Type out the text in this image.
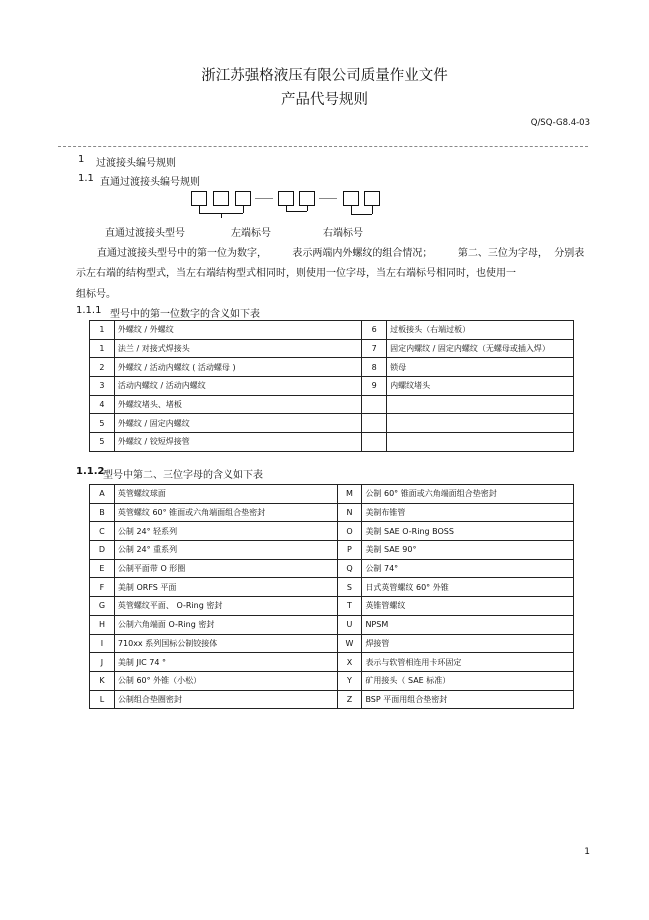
浙江苏强格液压有限公司质量作业文件
产品代号规则
Q/SQ-G8.4-03
1 过渡接头编号规则
1.1 直通过渡接头编号规则
直通过渡接头型号	左端标号	右端标号
直通过渡接头型号中的第一位为数字，        表示两端内外螺纹的组合情况；        第二、三位为字母，  分别表
示左右端的结构型式，当左右端结构型式相同时，则使用一位字母，当左右端标号相同时，也使用一
组标号。
1.1.1 型号中的第一位数字的含义如下表
1	外螺纹 / 外螺纹	6	过板接头（右端过板）
1	法兰 / 对接式焊接头	7	固定内螺纹 / 固定内螺纹（无螺母或插入焊）
2	外螺纹 / 活动内螺纹 ( 活动螺母 )	8	锁母
3	活动内螺纹 / 活动内螺纹	9	内螺纹堵头
4	外螺纹堵头、堵板		
5	外螺纹 / 固定内螺纹		
5	外螺纹 / 铰短焊接管		
1.1.2
型号中第二、三位字母的含义如下表
A	英管螺纹球面	M	公制 60° 锥面或六角端面组合垫密封
B	英管螺纹 60° 锥面或六角端面组合垫密封	N	美制布锥管
C	公制 24° 轻系列	O	美制 SAE O-Ring BOSS
D	公制 24° 重系列	P	美制 SAE 90°
E	公制平面带 O 形圈	Q	公制 74°
F	美制 ORFS 平面	S	日式英管螺纹 60° 外锥
G	英管螺纹平面、 O-Ring 密封	T	英锥管螺纹
H	公制六角端面 O-Ring 密封	U	NPSM
I	710xx 系列国标公制铰接体	W	焊接管
J	美制 JIC 74 °	X	表示与软管相连用卡环固定
K	公制 60° 外锥（小松）	Y	矿用接头（ SAE 标准）
L	公制组合垫圈密封	Z	BSP 平面用组合垫密封
1
